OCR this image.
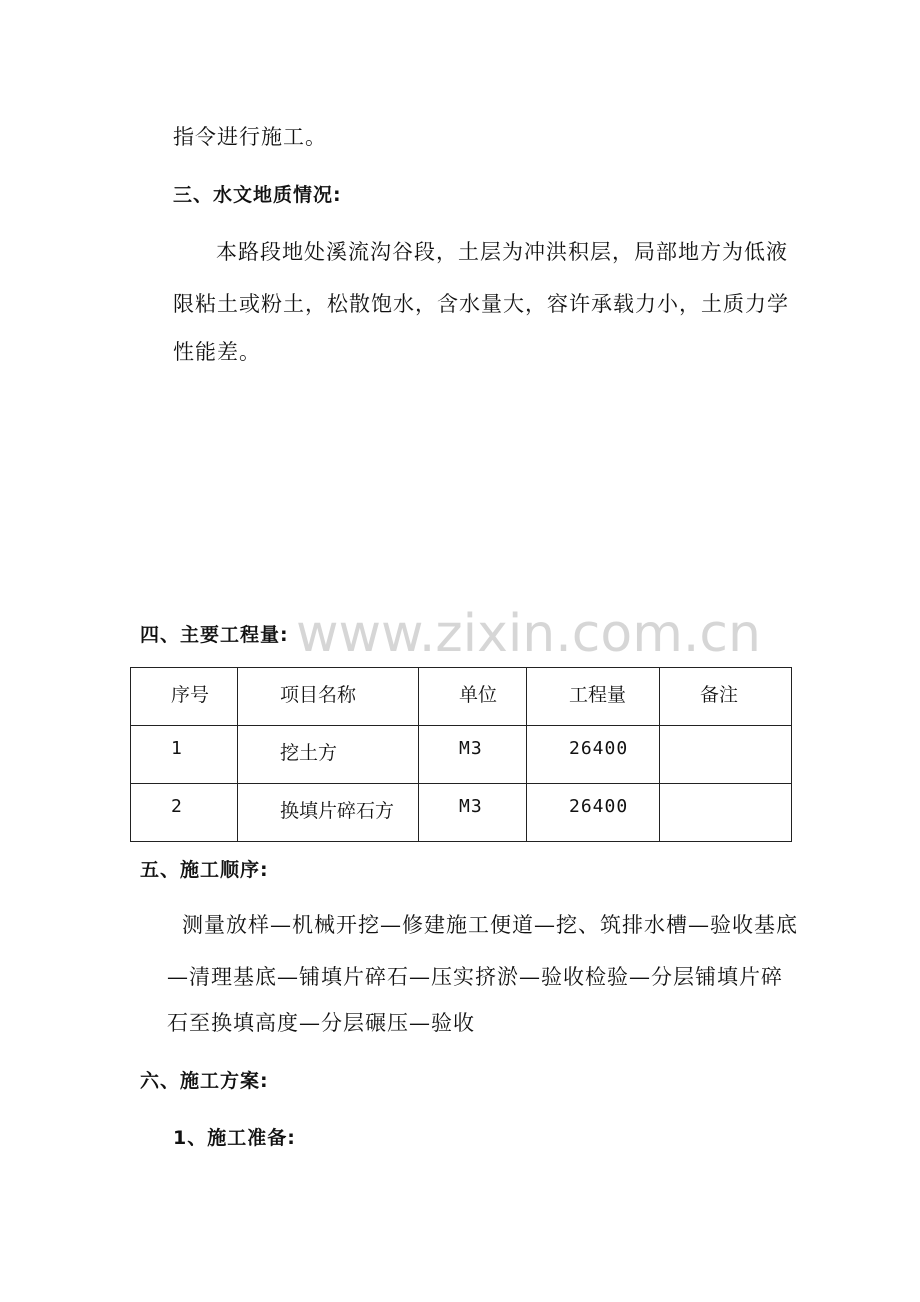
指令进行施工。
三、水文地质情况:
本路段地处溪流沟谷段，土层为冲洪积层，局部地方为低液
限粘土或粉土，松散饱水，含水量大，容许承载力小，土质力学
性能差。
www.zixin.com.cn
四、主要工程量:
序号	项目名称	单位	工程量	备注

1	挖土方	M3	26400	

2	换填片碎石方	M3	26400	

五、施工顺序:
测量放样—机械开挖—修建施工便道—挖、筑排水槽—验收基底
—清理基底—铺填片碎石—压实挤淤—验收检验—分层铺填片碎
石至换填高度—分层碾压—验收
六、施工方案:
1、施工准备:
